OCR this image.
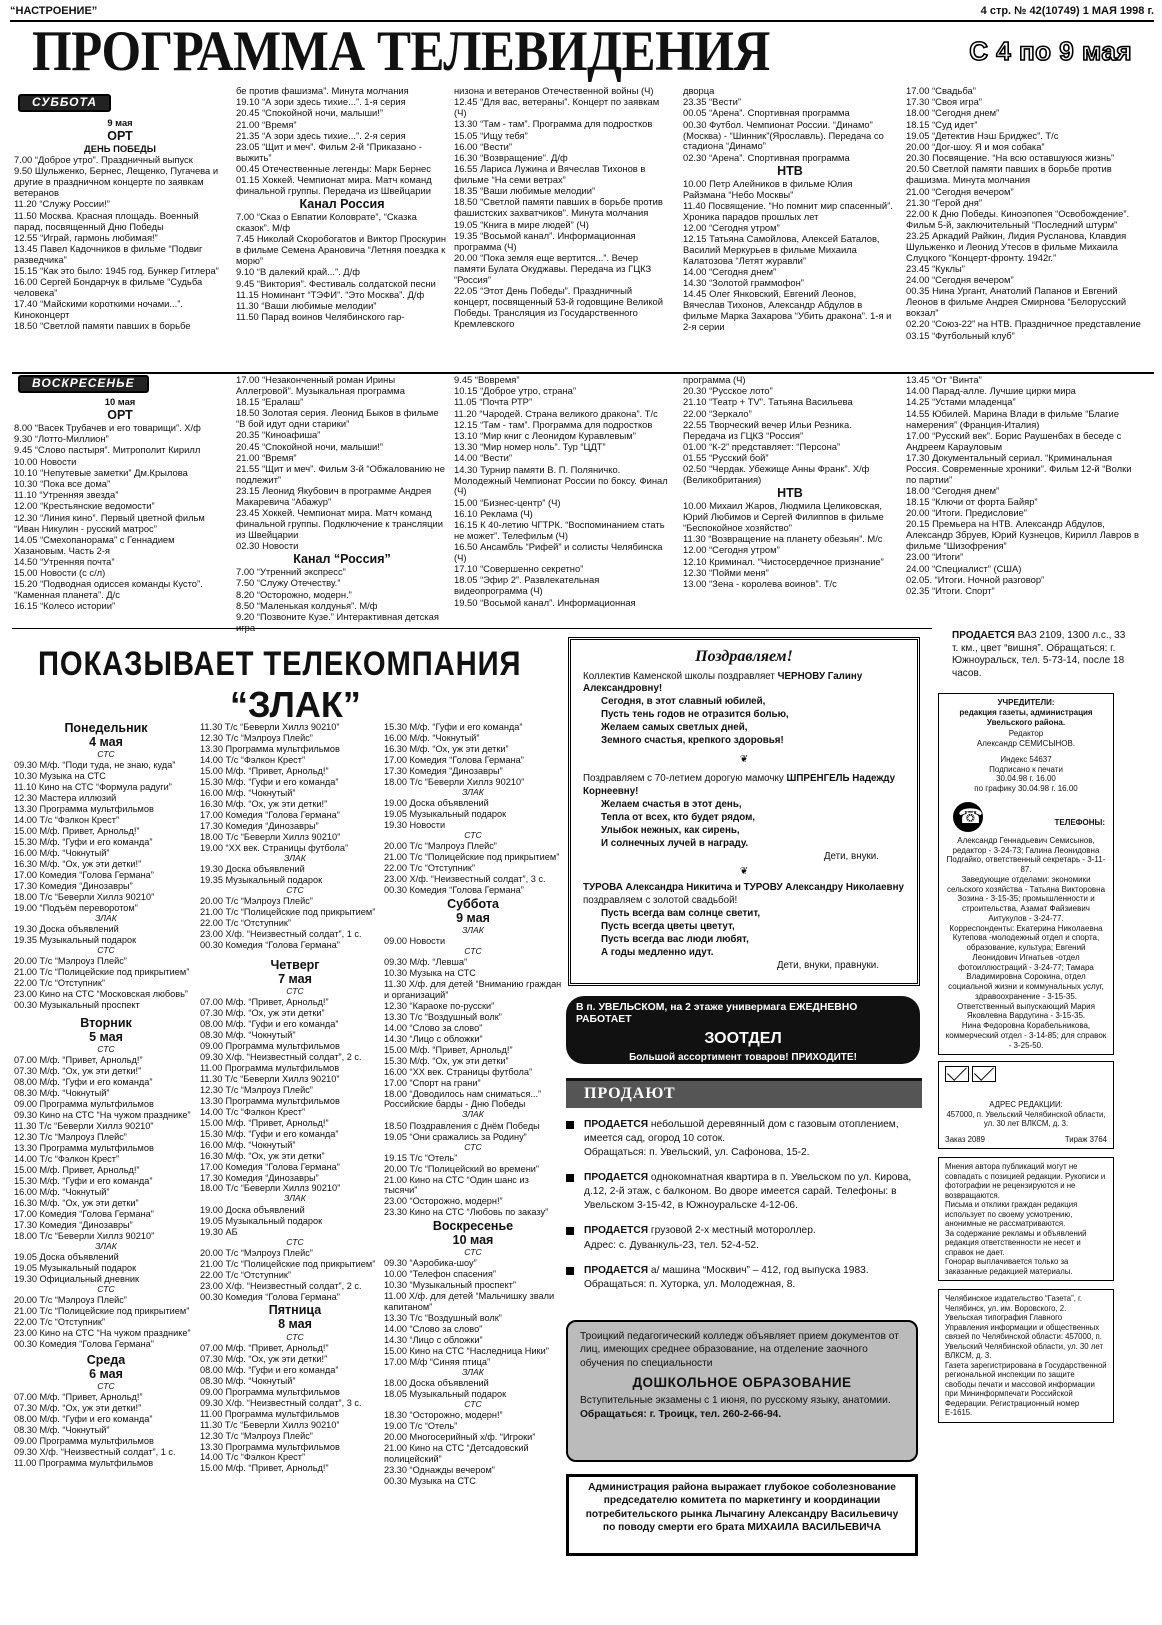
“НАСТРОЕНИЕ”	4 стр. № 42(10749) 1 МАЯ 1998 г.
ПРОГРАММА ТЕЛЕВИДЕНИЯ	С 4 по 9 мая
СУББОТА

9 мая

ОРТ

ДЕНЬ ПОБЕДЫ

7.00 “Доброе утро”. Праздничный выпуск

9.50 Шульженко, Бернес, Лещенко, Пугачева и другие в праздничном концерте по заявкам ветеранов

11.20 “Служу России!”

11.50 Москва. Красная площадь. Военный парад, посвященный Дню Победы

12.55 “Играй, гармонь любимая!”

13.45 Павел Кадочников в фильме “Подвиг разведчика”

15.15 “Как это было: 1945 год. Бункер Гитлера”

16.00 Сергей Бондарчук в фильме “Судьба человека”

17.40 “Майскими короткими ночами...”. Киноконцерт

18.50 “Светлой памяти павших в борьбе

бе против фашизма”. Минута молчания

19.10 “А зори здесь тихие...”. 1-я серия

20.45 “Спокойной ночи, малыши!”

21.00 “Время”

21.35 “А зори здесь тихие...”. 2-я серия

23.05 “Щит и меч”. Фильм 2-й “Приказано - выжить”

00.45 Отечественные легенды: Марк Бернес

01.15 Хоккей. Чемпионат мира. Матч команд финальной группы. Передача из Швейцарии

Канал Россия

7.00 “Сказ о Евпатии Коловрате”, “Сказка сказок”. М/ф

7.45 Николай Скоробогатов и Виктор Проскурин в фильме Семена Арановича “Летняя поездка к морю”

9.10 “В далекий край...”. Д/ф

9.45 “Виктория”. Фестиваль солдатской песни

11.15 Номинант “ТЭФИ”. “Это Москва”. Д/ф

11.30 “Ваши любимые мелодии”

11.50 Парад воинов Челябинского гар-

низона и ветеранов Отечественной войны (Ч)

12.45 “Для вас, ветераны”. Концерт по заявкам (Ч)

13.30 “Там - там”. Программа для подростков

15.05 “Ищу тебя”

16.00 “Вести”

16.30 “Возвращение”. Д/ф

16.55 Лариса Лужина и Вячеслав Тихонов в фильме “На семи ветрах”

18.35 “Ваши любимые мелодии”

18.50 “Светлой памяти павших в борьбе против фашистских захватчиков”. Минута молчания

19.05 “Книга в мире людей” (Ч)

19.35 “Восьмой канал”. Информационная программа (Ч)

20.00 “Пока земля еще вертится...”. Вечер памяти Булата Окуджавы. Передача из ГЦКЗ “Россия”

22.05 “Этот День Победы”. Праздничный концерт, посвященный 53-й годовщине Великой Победы. Трансляция из Государственного Кремлевского

дворца

23.35 “Вести”

00.05 “Арена”. Спортивная программа

00.30 Футбол. Чемпионат России. “Динамо” (Москва) - “Шинник”(Ярославль). Передача со стадиона “Динамо”

02.30 “Арена”. Спортивная программа

НТВ

10.00 Петр Алейников в фильме Юлия Райзмана “Небо Москвы”

11.40 Посвящение. “Но помнит мир спасенный”. Хроника парадов прошлых лет

12.00 “Сегодня утром”

12.15 Татьяна Самойлова, Алексей Баталов, Василий Меркурьев в фильме Михаила Калатозова “Летят журавли”

14.00 “Сегодня днем”

14.30 “Золотой граммофон”

14.45 Олег Янковский, Евгений Леонов, Вячеслав Тихонов, Александр Абдулов в фильме Марка Захарова “Убить дракона”. 1-я и 2-я серии

17.00 “Свадьба”

17.30 “Своя игра”

18.00 “Сегодня днем”

18.15 “Суд идет”

19.05 “Детектив Нэш Бриджес”. Т/с

20.00 “Дог-шоу. Я и моя собака”

20.30 Посвящение. “На всю оставшуюся жизнь”

20.50 Светлой памяти павших в борьбе против фашизма. Минута молчания

21.00 “Сегодня вечером”

21.30 “Герой дня”

22.00 К Дню Победы. Киноэпопея “Освобождение”. Фильм 5-й, заключительный “Последний штурм”

23.25 Аркадий Райкин, Лидия Русланова, Клавдия Шульженко и Леонид Утесов в фильме Михаила Слуцкого “Концерт-фронту. 1942г.”

23.45 “Куклы”

24.00 “Сегодня вечером”

00.35 Нина Ургант, Анатолий Папанов и Евгений Леонов в фильме Андрея Смирнова “Белорусский вокзал”

02.20 “Союз-22” на НТВ. Праздничное представление

03.15 “Футбольный клуб”

ВОСКРЕСЕНЬЕ

10 мая

ОРТ

8.00 “Васек Трубачев и его товарищи”. Х/ф

9.30 “Лотто-Миллион”

9.45 “Слово пастыря”. Митрополит Кирилл

10.00 Новости

10.10 “Непутевые заметки” Дм.Крылова

10.30 “Пока все дома”

11.10 “Утренняя звезда”

12.00 “Крестьянские ведомости”

12.30 “Линия кино”. Первый цветной фильм “Иван Никулин - русский матрос”

14.05 “Смехопанорама” с Геннадием Хазановым. Часть 2-я

14.50 “Утренняя почта”

15.00 Новости (с с/л)

15.20 “Подводная одиссея команды Кусто”. “Каменная планета”. Д/с

16.15 “Колесо истории”

17.00 “Незаконченный роман Ирины Аллегровой”. Музыкальная программа

18.15 “Ералаш”

18.50 Золотая серия. Леонид Быков в фильме “В бой идут одни старики”

20.35 “Киноафиша”

20.45 “Спокойной ночи, малыши!”

21.00 “Время”

21.55 “Щит и меч”. Фильм 3-й “Обжалованию не подлежит”

23.15 Леонид Якубович в программе Андрея Макаревича “Абажур”

23.45 Хоккей. Чемпионат мира. Матч команд финальной группы. Подключение к трансляции из Швейцарии

02.30 Новости

Канал “Россия”

7.00 “Утренний экспресс”

7.50 “Служу Отечеству.”

8.20 “Осторожно, модерн.”

8.50 “Маленькая колдунья”. М/ф

9.20 “Позвоните Кузе.” Интерактивная детская

9.45 “Вовремя”

10.15 “Доброе утро, страна”

11.05 “Почта РТР”

11.20 “Чародей. Страна великого дракона”. Т/с

12.15 “Там - там”. Программа для подростков

13.10 “Мир книг с Леонидом Куравлевым”

13.30 “Мир номер ноль”. Тур “ЦДТ”

14.00 “Вести”

14.30 Турнир памяти В. П. Поляничко. Молодежный Чемпионат России по боксу. Финал (Ч)

15.00 “Бизнес-центр” (Ч)

16.10 Реклама (Ч)

16.15 К 40-летию ЧГТРК. “Воспоминанием стать не может”. Телефильм (Ч)

16.50 Ансамбль “Рифей” и солисты Челябинска (Ч)

17.10 “Совершенно секретно”

18.05 “Эфир 2”. Развлекательная видеопрограмма (Ч)

19.50 “Восьмой канал”. Информационная

программа (Ч)

20.30 “Русское лото”

21.10 “Театр + TV”. Татьяна Васильева

22.00 “Зеркало”

22.55 Творческий вечер Ильи Резника. Передача из ГЦКЗ “Россия”

01.00 “К-2” представляет: “Персона”

01.55 “Русский бой”

02.50 “Чердак. Убежище Анны Франк”. Х/ф (Великобритания)

НТВ

10.00 Михаил Жаров, Людмила Целиковская, Юрий Любимов и Сергей Филиппов в фильме “Беспокойное хозяйство”

11.30 “Возвращение на планету обезьян”. М/с

12.00 “Сегодня утром”

12.10 Криминал. “Чистосердечное признание”

12.30 “Пойми меня”

13.00 “Зена - королева воинов”. Т/с

13.45 “От “Винта”

14.00 Парад-алле. Лучшие цирки мира

14.25 “Устами младенца”

14.55 Юбилей. Марина Влади в фильме “Благие намерения” (Франция-Италия)

17.00 “Русский век”. Борис Раушенбах в беседе с Андреем Карауловым

17.30 Документальный сериал. “Криминальная Россия. Современные хроники”. Фильм 12-й “Волки по партии”

18.00 “Сегодня днем”

18.15 “Ключи от форта Байяр”

20.00 “Итоги. Предисловие”

20.15 Премьера на НТВ. Александр Абдулов, Александр Збруев, Юрий Кузнецов, Кирилл Лавров в фильме “Шизофрения”

23.00 “Итоги”

24.00 “Специалист” (США)

02.05. “Итоги. Ночной разговор”

02.35 “Итоги. Спорт”

ПОКАЗЫВАЕТ ТЕЛЕКОМПАНИЯ
“ЗЛАК”

Понедельник

4 мая

СТС

09.30 М/ф. “Поди туда, не знаю, куда”

10.30 Музыка на СТС

11.10 Кино на СТС “Формула радуги”

12.30 Мастера иллюзий

13.30 Программа мультфильмов

14.00 Т/с “Фэлкон Крест”

15.00 М/ф. Привет, Арнольд!”

15.30 М/ф. “Гуфи и его команда”

16.00 М/ф. “Чокнутый”

16.30 М/ф. “Ох, уж эти детки!”

17.00 Комедия “Голова Германа”

17.30 Комедия “Динозавры”

18.00 Т/с “Беверли Хиллз 90210”

19.00 “Подъём переворотом”

ЗЛАК

19.30 Доска объявлений

19.35 Музыкальный подарок

СТС

20.00 Т/с “Мэлроуз Плейс”

21.00 Т/с “Полицейские под прикрытием”

22.00 Т/с “Отступник”

23.00 Кино на СТС “Московская любовь”

00.30 Музыкальный проспект

Вторник

5 мая

СТС

07.00 М/ф. “Привет, Арнольд!”

07.30 М/ф. “Ох, уж эти детки!”

08.00 М/ф. “Гуфи и его команда”

08.30 М/ф. “Чокнутый”

09.00 Программа мультфильмов

09.30 Кино на СТС “На чужом празднике”

11.30 Т/с “Беверли Хиллз 90210”

12.30 Т/с “Мэлроуз Плейс”

13.30 Программа мультфильмов

14.00 Т/с “Фэлкон Крест”

15.00 М/ф. Привет, Арнольд!”

15.30 М/ф. “Гуфи и его команда”

16.00 М/ф. “Чокнутый”

16.30 М/ф. “Ох, уж эти детки”

17.00 Комедия “Голова Германа”

17.30 Комедия “Динозавры”

18.00 Т/с “Беверли Хиллз 90210”

ЗЛАК

19.05 Доска объявлений

19.05 Музыкальный подарок

19.30 Официальный дневник

СТС

20.00 Т/с “Мэлроуз Плейс”

21.00 Т/с “Полицейские под прикрытием”

22.00 Т/с “Отступник”

23.00 Кино на СТС “На чужом празднике”

00.30 Комедия “Голова Германа”

Среда

6 мая

СТС

07.00 М/ф. “Привет, Арнольд!”

07.30 М/ф. “Ох, уж эти детки!”

08.00 М/ф. “Гуфи и его команда”

08.30 М/ф. “Чокнутый”

09.00 Программа мультфильмов

09.30 Х/ф. “Неизвестный солдат”, 1 с.

11.00 Программа мультфильмов

11.30 Т/с “Беверли Хиллз 90210”

12.30 Т/с “Мэлроуз Плейс”

13.30 Программа мультфильмов

14.00 Т/с “Фэлкон Крест”

15.00 М/ф. “Привет, Арнольд!”

15.30 М/ф. “Гуфи и его команда”

16.00 М/ф. “Чокнутый”

16.30 М/ф. “Ох, уж эти детки!”

17.00 Комедия “Голова Германа”

17.30 Комедия “Динозавры”

18.00 Т/с “Беверли Хиллз 90210”

19.00 “XX век. Страницы футбола”

ЗЛАК

19.30 Доска объявлений

19.35 Музыкальный подарок

СТС

20.00 Т/с “Мэлроуз Плейс”

21.00 Т/с “Полицейские под прикрытием”

22.00 Т/с “Отступник”

23.00 Х/ф. “Неизвестный солдат”, 1 с.

00.30 Комедия “Голова Германа”

Четверг

7 мая

СТС

07.00 М/ф. “Привет, Арнольд!”

07.30 М/ф. “Ох, уж эти детки”

08.00 М/ф. “Гуфи и его команда”

08.30 М/ф. “Чокнутый”

09.00 Программа мультфильмов

09.30 Х/ф. “Неизвестный солдат”, 2 с.

11.00 Программа мультфильмов

11.30 Т/с “Беверли Хиллз 90210”

12.30 Т/с “Мэлроуз Плейс”

13.30 Программа мультфильмов

14.00 Т/с “Фэлкон Крест”

15.00 М/ф. “Привет, Арнольд!”

15.30 М/ф. “Гуфи и его команда”

16.00 М/ф. “Чокнутый”

16.30 М/ф. “Ох, уж эти детки”

17.00 Комедия “Голова Германа”

17.30 Комедия “Динозавры”

18.00 Т/с “Беверли Хиллз 90210”

ЗЛАК

19.00 Доска объявлений

19.05 Музыкальный подарок

19.30 АБ

СТС

20.00 Т/с “Мэлроуз Плейс”

21.00 Т/с “Полицейские под прикрытием”

22.00 Т/с “Отступник”

23.00 Х/ф. “Неизвестный солдат”, 2 с.

00.30 Комедия “Голова Германа”

Пятница

8 мая

СТС

07.00 М/ф. “Привет, Арнольд!”

07.30 М/ф. “Ох, уж эти детки!”

08.00 М/ф. “Гуфи и его команда”

08.30 М/ф. “Чокнутый”

09.00 Программа мультфильмов

09.30 Х/ф. “Неизвестный солдат”, 3 с.

11.00 Программа мультфильмов

11.30 Т/с “Беверли Хиллз 90210”

12.30 Т/с “Мэлроуз Плейс”

13.30 Программа мультфильмов

14.00 Т/с “Фэлкон Крест”

15.00 М/ф. “Привет, Арнольд!”

15.30 М/ф. “Гуфи и его команда”

16.00 М/ф. “Чокнутый”

16.30 М/ф. “Ох, уж эти детки”

17.00 Комедия “Голова Германа”

17.30 Комедия “Динозавры”

18.00 Т/с “Беверли Хиллз 90210”

ЗЛАК

19.00 Доска объявлений

19.05 Музыкальный подарок

19.30 Новости

СТС

20.00 Т/с “Мэлроуз Плейс”

21.00 Т/с “Полицейские под прикрытием”

22.00 Т/с “Отступник”

23.00 Х/ф. “Неизвестный солдат”, 3 с.

00.30 Комедия “Голова Германа”

Суббота

9 мая

ЗЛАК

09.00 Новости

СТС

09.30 М/ф. “Левша”

10.30 Музыка на СТС

11.30 Х/ф. для детей “Вниманию граждан и организаций”

12.30 “Караоке по-русски”

13.30 Т/с “Воздушный волк”

14.00 “Слово за слово”

14.30 “Лицо с обложки”

15.00 М/ф. “Привет, Арнольд!”

15.30 М/ф. “Ох, уж эти детки”

16.00 “XX век. Страницы футбола”

17.00 “Спорт на грани”

18.00 “Доводилось нам сниматься...” Российские барды - Дню Победы

ЗЛАК

18.50 Поздравления с Днём Победы

19.05 “Они сражались за Родину”

СТС

19.15 Т/с “Отель”

20.00 Т/с “Полицейский во времени”

21.00 Кино на СТС “Один шанс из тысячи”

23.00 “Осторожно, модерн!”

23.30 Кино на СТС “Любовь по заказу”

Воскресенье

10 мая

СТС

09.30 “Аэробика-шоу”

10.00 “Телефон спасения”

10.30 “Музыкальный проспект”

11.00 Х/ф. для детей “Мальчишку звали капитаном”

13.30 Т/с “Воздушный волк”

14.00 “Слово за слово”

14.30 “Лицо с обложки”

15.00 Кино на СТС “Наследница Ники”

17.00 М/ф “Синяя птица”

ЗЛАК

18.00 Доска объявлений

18.05 Музыкальный подарок

СТС

18.30 “Осторожно, модерн!”

19.00 Т/с “Отель”

20.00 Многосерийный х/ф. “Игроки”

21.00 Кино на СТС “Детсадовский полицейский”

23.30 “Однажды вечером”

00.30 Музыка на СТС

Поздравляем!

Коллектив Каменской школы поздравляет ЧЕРНОВУ Галину Александровну!

Сегодня, в этот славный юбилей,
Пусть тень годов не отразится болью,
Желаем самых светлых дней,
Земного счастья, крепкого здоровья!

❦

Поздравляем с 70-летием дорогую мамочку ШПРЕНГЕЛЬ Надежду Корнеевну!

Желаем счастья в этот день,
Тепла от всех, кто будет рядом,
Улыбок нежных, как сирень,
И солнечных лучей в награду.

Дети, внуки.

❦

ТУРОВА Александра Никитича и ТУРОВУ Александру Николаевну поздравляем с золотой свадьбой!

Пусть всегда вам солнце светит,
Пусть всегда цветы цветут,
Пусть всегда вас люди любят,
А годы медленно идут.

Дети, внуки, правнуки.

В п. УВЕЛЬСКОМ, на 2 этаже универмага ЕЖЕДНЕВНО РАБОТАЕТ
ЗООТДЕЛ
Большой ассортимент товаров! ПРИХОДИТЕ!
ПРОДАЮТ
ПРОДАЕТСЯ небольшой деревянный дом с газовым отоплением, имеется сад, огород 10 соток.
Обращаться: п. Увельский, ул. Сафонова, 15-2.
ПРОДАЕТСЯ однокомнатная квартира в п. Увельском по ул. Кирова, д.12, 2-й этаж, с балконом. Во дворе имеется сарай. Телефоны: в Увельском 3-15-42, в Южноуральске 4-12-06.
ПРОДАЕТСЯ грузовой 2-х местный мотороллер.
Адрес: с. Дуванкуль-23, тел. 52-4-52.
ПРОДАЕТСЯ а/ машина “Москвич” – 412, год выпуска 1983.
Обращаться: п. Хуторка, ул. Молодежная, 8.
Троицкий педагогический колледж объявляет прием документов от лиц, имеющих среднее образование, на отделение заочного обучения по специальности
ДОШКОЛЬНОЕ ОБРАЗОВАНИЕ
Вступительные экзамены с 1 июня, по русскому языку, анатомии.
Обращаться: г. Троицк, тел. 260-2-66-94.
Администрация района выражает глубокое соболезнование председателю комитета по маркетингу и координации потребительского рынка Лычагину Александру Васильевичу по поводу смерти его брата МИХАИЛА ВАСИЛЬЕВИЧА
ПРОДАЕТСЯ ВАЗ 2109, 1300 л.с., 33 т. км., цвет “вишня”. Обращаться: г. Южноуральск, тел. 5-73-14, после 18 часов.
УЧРЕДИТЕЛИ:
редакция газеты, администрация Увельского района.
Редактор
Александр СЕМИСЫНОВ.
Индекс 54637
Подписано к печати
30.04.98 г. 16.00
по графику 30.04.98 г. 16.00
☎
ТЕЛЕФОНЫ:
Александр Геннадьевич Семисынов, редактор - 3-24-73; Галина Леонидовна Подгайко, ответственный секретарь - 3-11-87.
Заведующие отделами: экономики сельского хозяйства - Татьяна Викторовна Зозина - 3-15-35; промышленности и строительства, Азамат Файзиевич Аитукулов - 3-24-77.
Корреспонденты: Екатерина Николаевна Кутепова -молодежный отдел и спорта, образование, культура; Евгений Леонидович Игнатьев -отдел фотоиллюстраций - 3-24-77; Тамара Владимировна Сорокина, отдел социальной жизни и коммунальных услуг, здравоохранение - 3-15-35.
Ответственный выпускающий Мария Яковлевна Вардугина - 3-15-35.
Нина Федоровна Корабельникова, коммерческий отдел - 3-14-85; для справок - 3-25-50.
АДРЕС РЕДАКЦИИ:
457000, п. Увельский Челябинской области, ул. 30 лет ВЛКСМ, д. 3.
Заказ 2089	Тираж 3764
Мнения автора публикаций могут не совпадать с позицией редакции. Рукописи и фотографии не рецензируются и не возвращаются.
Письма и отклики граждан редакция использует по своему усмотрению, анонимные не рассматриваются.
За содержание рекламы и объявлений редакция ответственности не несет и справок не дает.
Гонорар выплачивается только за заказанные редакцией материалы.
Челябинское издательство “Газета”, г. Челябинск, ул. им. Воровского, 2.
Увельская типография Главного Управления информации и общественных связей по Челябинской области: 457000, п. Увельский Челябинской области, ул. 30 лет ВЛКСМ, д. 3.
Газета зарегистрирована в Государственной региональной инспекции по защите свободы печати и массовой информации при Мининформпечати Российской Федерации. Регистрационный номер Е-1615.
